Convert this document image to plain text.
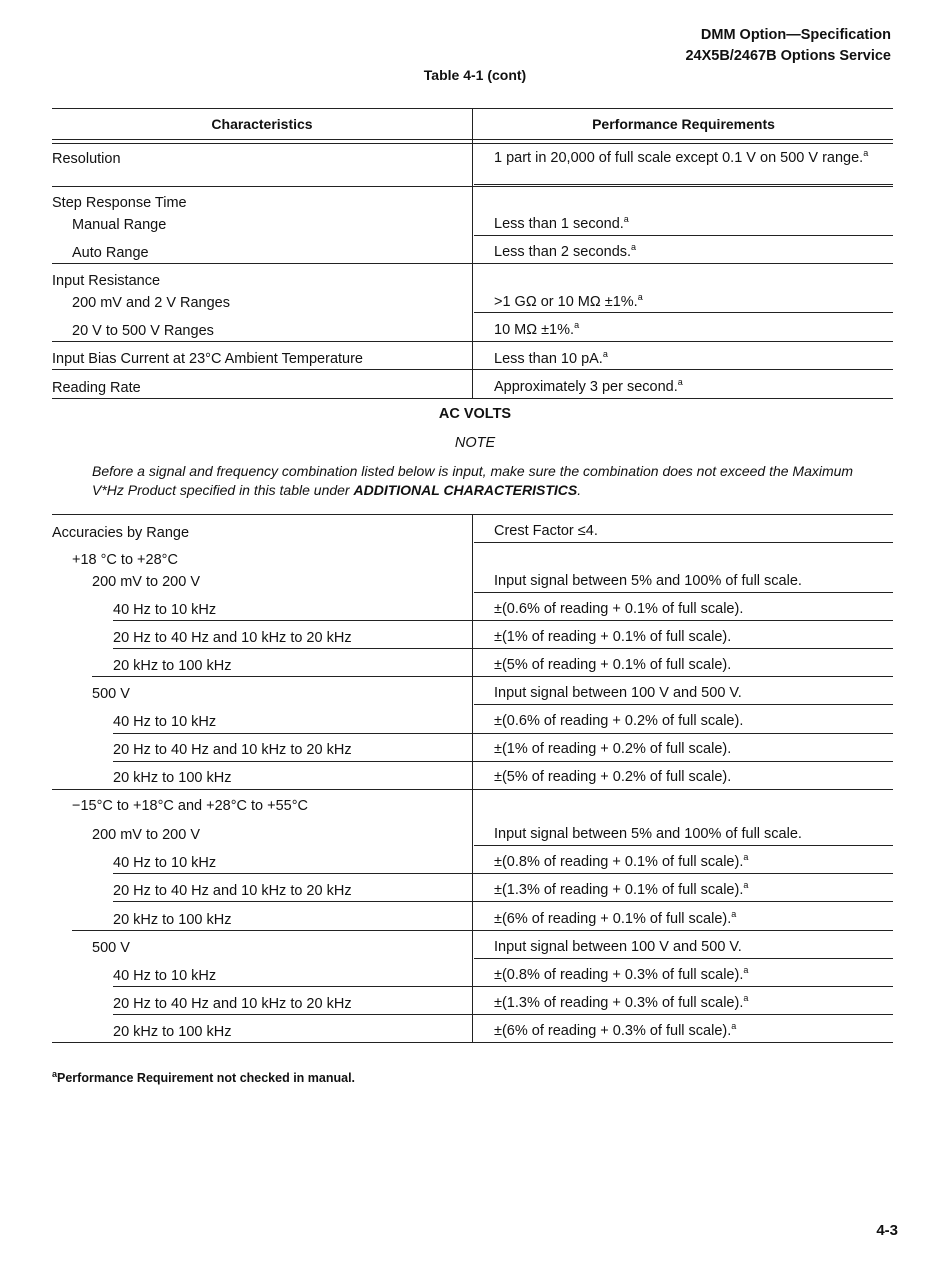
DMM Option—Specification
24X5B/2467B Options Service
Table 4-1 (cont)
Characteristics	Performance Requirements
Resolution	1 part in 20,000 of full scale except 0.1 V on 500 V range.$^a$
Step Response Time
Manual Range	Less than 1 second.$^a$
Auto Range	Less than 2 seconds.$^a$
Input Resistance
200 mV and 2 V Ranges	>1 GΩ or 10 MΩ ±1%.$^a$
20 V to 500 V Ranges	10 MΩ ±1%.$^a$
Input Bias Current at 23°C Ambient Temperature	Less than 10 pA.$^a$
Reading Rate	Approximately 3 per second.$^a$
AC VOLTS
NOTE
Before a signal and frequency combination listed below is input, make sure the combination does not exceed the Maximum V*Hz Product specified in this table under ADDITIONAL CHARACTERISTICS.
Accuracies by Range	Crest Factor ≤4.
+18 °C to +28°C
200 mV to 200 V	Input signal between 5% and 100% of full scale.
40 Hz to 10 kHz	±(0.6% of reading + 0.1% of full scale).
20 Hz to 40 Hz and 10 kHz to 20 kHz	±(1% of reading + 0.1% of full scale).
20 kHz to 100 kHz	±(5% of reading + 0.1% of full scale).
500 V	Input signal between 100 V and 500 V.
40 Hz to 10 kHz	±(0.6% of reading + 0.2% of full scale).
20 Hz to 40 Hz and 10 kHz to 20 kHz	±(1% of reading + 0.2% of full scale).
20 kHz to 100 kHz	±(5% of reading + 0.2% of full scale).
−15°C to +18°C and +28°C to +55°C
200 mV to 200 V	Input signal between 5% and 100% of full scale.
40 Hz to 10 kHz	±(0.8% of reading + 0.1% of full scale).$^a$
20 Hz to 40 Hz and 10 kHz to 20 kHz	±(1.3% of reading + 0.1% of full scale).$^a$
20 kHz to 100 kHz	±(6% of reading + 0.1% of full scale).$^a$
500 V	Input signal between 100 V and 500 V.
40 Hz to 10 kHz	±(0.8% of reading + 0.3% of full scale).$^a$
20 Hz to 40 Hz and 10 kHz to 20 kHz	±(1.3% of reading + 0.3% of full scale).$^a$
20 kHz to 100 kHz	±(6% of reading + 0.3% of full scale).$^a$
$^a$Performance Requirement not checked in manual.
4-3
